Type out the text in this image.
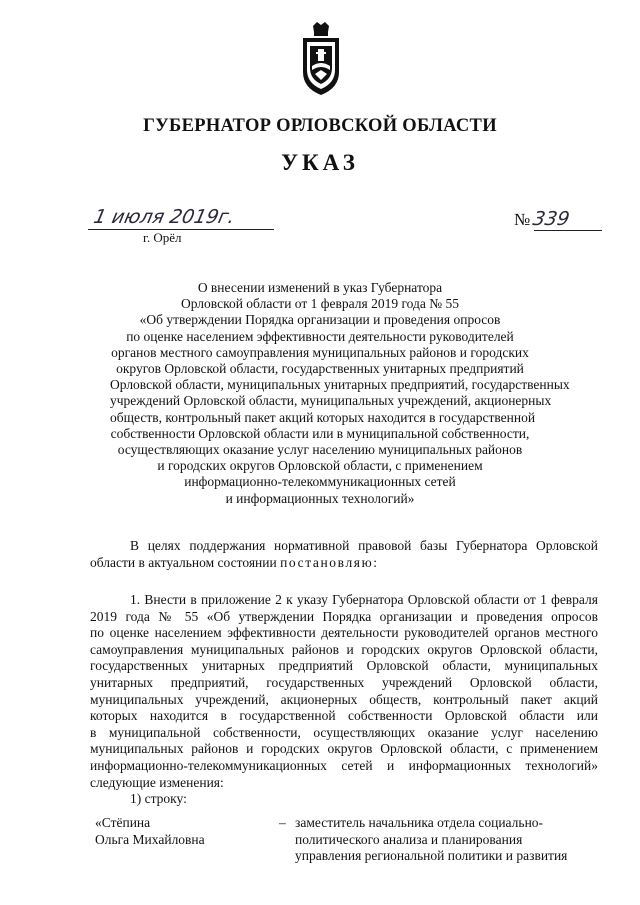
ГУБЕРНАТОР ОРЛОВСКОЙ ОБЛАСТИ
УКАЗ
1 июля 2019г.	№339
г. Орёл
О внесении изменений в указ Губернатора
Орловской области от 1 февраля 2019 года № 55
«Об утверждении Порядка организации и проведения опросов
по оценке населением эффективности деятельности руководителей
органов местного самоуправления муниципальных районов и городских
округов Орловской области, государственных унитарных предприятий
Орловской области, муниципальных унитарных предприятий, государственных
учреждений Орловской области, муниципальных учреждений, акционерных
обществ, контрольный пакет акций которых находится в государственной
собственности Орловской области или в муниципальной собственности,
осуществляющих оказание услуг населению муниципальных районов
и городских округов Орловской области, с применением
информационно-телекоммуникационных сетей
и информационных технологий»

В целях поддержания нормативной правовой базы Губернатора Орловской

области в актуальном состоянии постановляю:

1. Внести в приложение 2 к указу Губернатора Орловской области от 1 февраля

2019 года № 55 «Об утверждении Порядка организации и проведения опросов

по оценке населением эффективности деятельности руководителей органов местного

самоуправления муниципальных районов и городских округов Орловской области,

государственных унитарных предприятий Орловской области, муниципальных

унитарных предприятий, государственных учреждений Орловской области,

муниципальных учреждений, акционерных обществ, контрольный пакет акций

которых находится в государственной собственности Орловской области или

в муниципальной собственности, осуществляющих оказание услуг населению

муниципальных районов и городских округов Орловской области, с применением

информационно-телекоммуникационных сетей и информационных технологий»

следующие изменения:

1) строку:

«Стёпина
Ольга Михайловна
– заместитель начальника отдела социально-
политического анализа и планирования
управления региональной политики и развития
